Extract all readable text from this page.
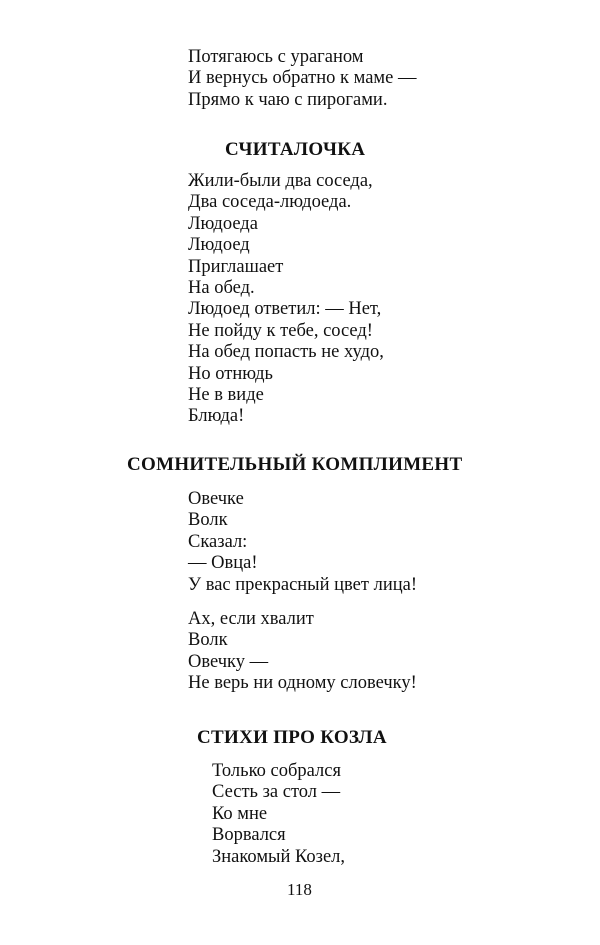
Потягаюсь с ураганом
И вернусь обратно к маме —
Прямо к чаю с пирогами.
СЧИТАЛОЧКА
Жили-были два соседа,
Два соседа-людоеда.
Людоеда
Людоед
Приглашает
На обед.
Людоед ответил: — Нет,
Не пойду к тебе, сосед!
На обед попасть не худо,
Но отнюдь
Не в виде
Блюда!
СОМНИТЕЛЬНЫЙ КОМПЛИМЕНТ
Овечке
Волк
Сказал:
— Овца!
У вас прекрасный цвет лица!
Ах, если хвалит
Волк
Овечку —
Не верь ни одному словечку!
СТИХИ ПРО КОЗЛА
Только собрался
Сесть за стол —
Ко мне
Ворвался
Знакомый Козел,
118
